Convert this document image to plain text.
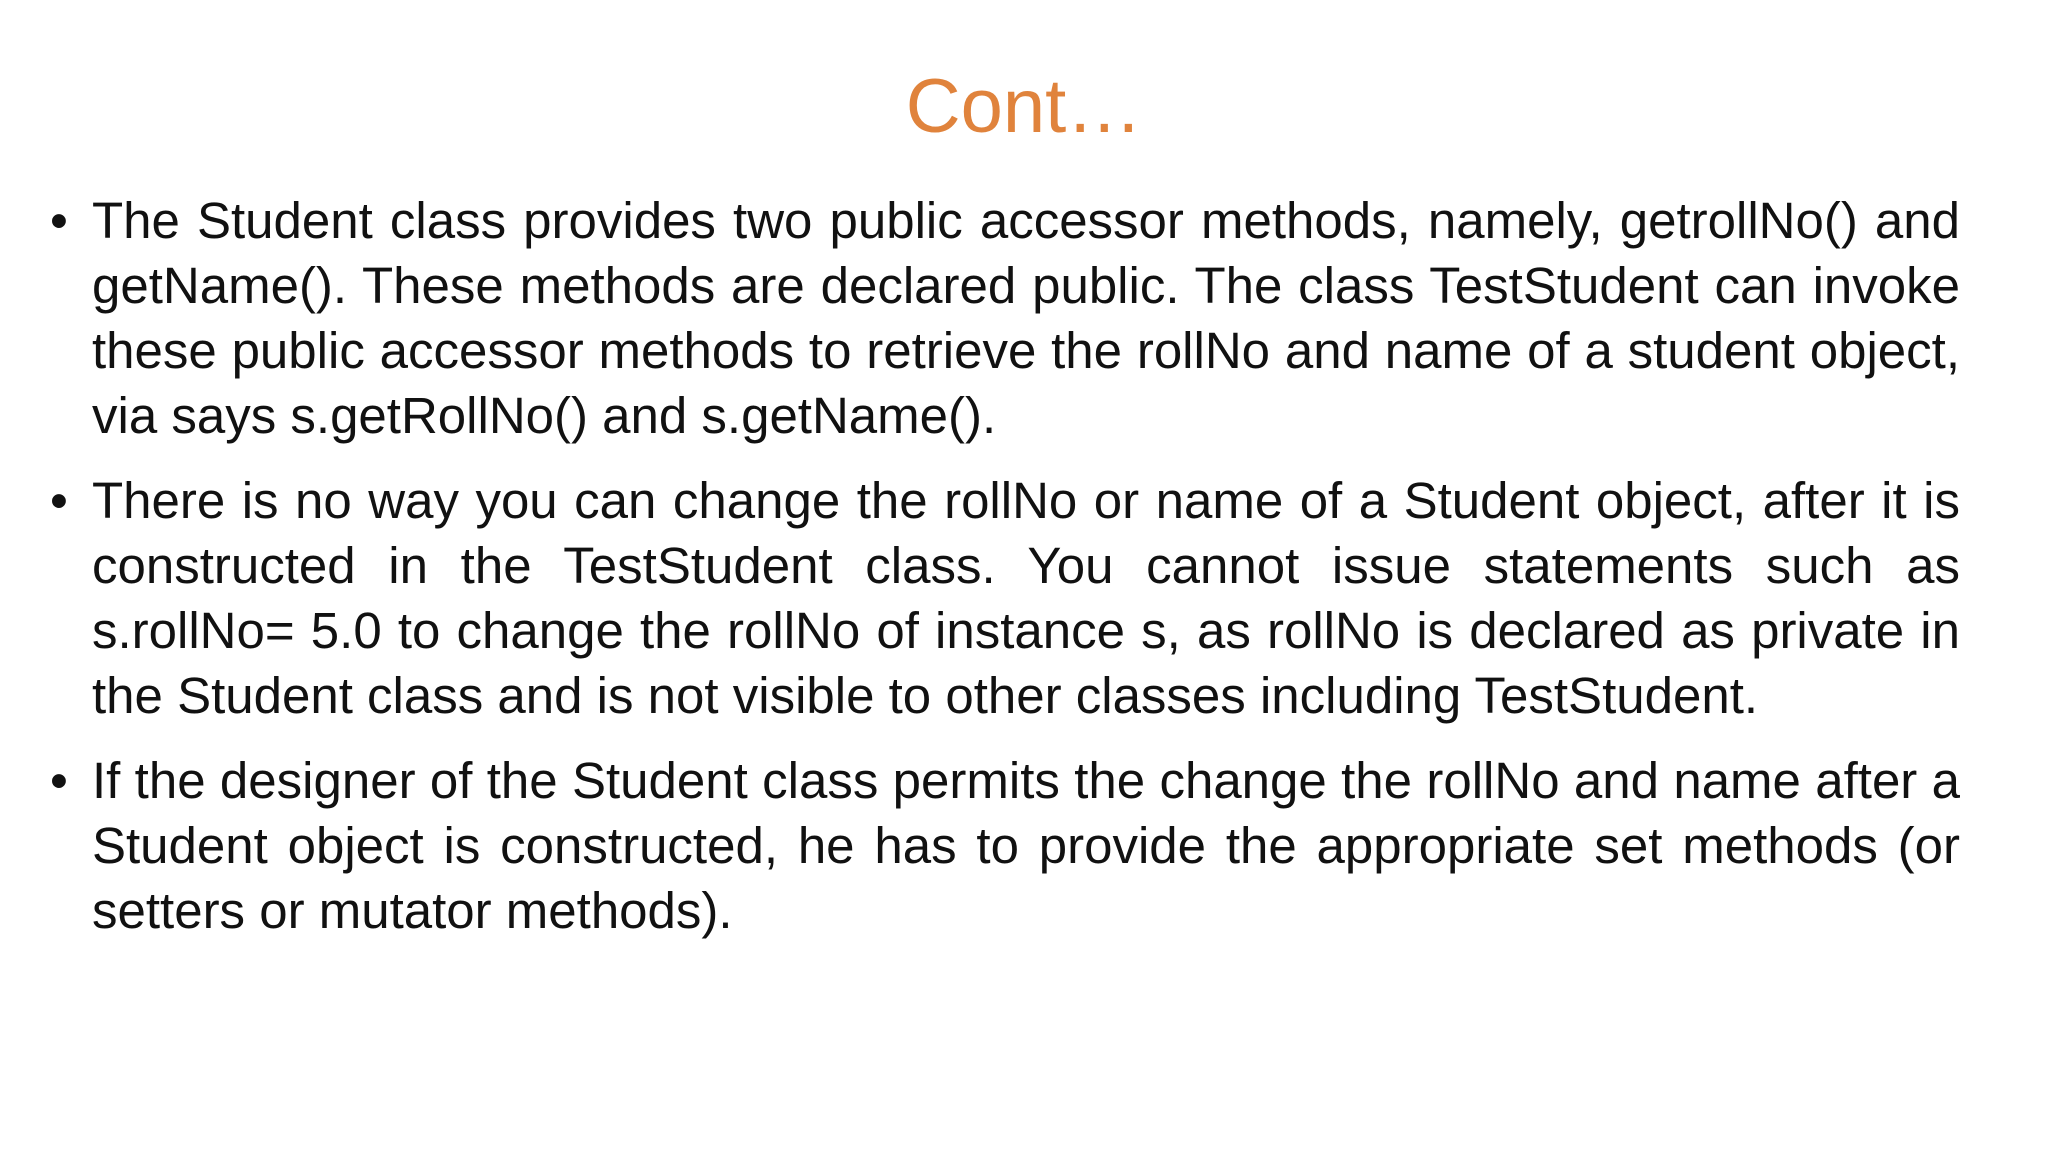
Cont…
• The Student class provides two public accessor methods, namely, getrollNo() and getName(). These methods are declared public. The class TestStudent can invoke these public accessor methods to retrieve the rollNo and name of a student object, via says s.getRollNo() and s.getName().
• There is no way you can change the rollNo or name of a Student object, after it is constructed in the TestStudent class. You cannot issue statements such as s.rollNo= 5.0 to change the rollNo of instance s, as rollNo is declared as private in the Student class and is not visible to other classes including TestStudent.
• If the designer of the Student class permits the change the rollNo and name after a Student object is constructed, he has to provide the appropriate set methods (or setters or mutator methods).
